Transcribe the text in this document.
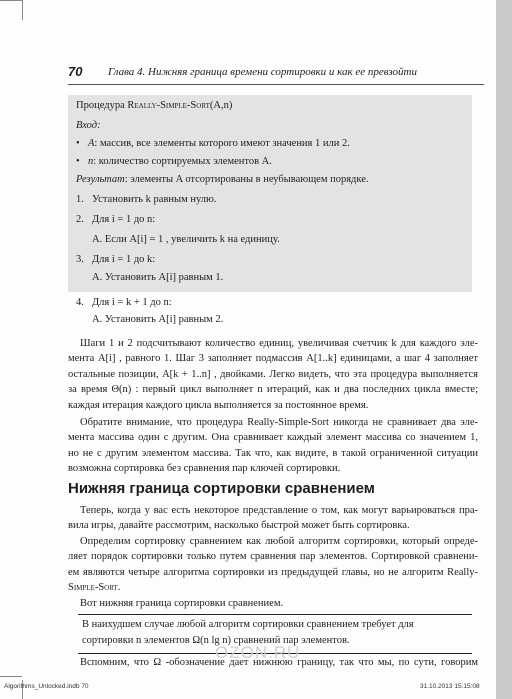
70 Глава 4. Нижняя граница времени сортировки и как ее превзойти
Процедура Really-Simple-Sort(A,n)
Вход:
• A: массив, все элементы которого имеют значения 1 или 2.
• n: количество сортируемых элементов A.
Результат: элементы A отсортированы в неубывающем порядке.
1. Установить k равным нулю.
2. Для i = 1 до n:
A. Если A[i] = 1 , увеличить k на единицу.
3. Для i = 1 до k:
A. Установить A[i] равным 1.
4. Для i = k + 1 до n:
A. Установить A[i] равным 2.
Шаги 1 и 2 подсчитывают количество единиц, увеличивая счетчик k для каждого эле-
мента A[i] , равного 1. Шаг 3 заполняет подмассив A[1..k] единицами, а шаг 4 заполняет
остальные позиции, A[k + 1..n] , двойками. Легко видеть, что эта процедура выполняется
за время Θ(n) : первый цикл выполняет n итераций, как и два последних цикла вместе;
каждая итерация каждого цикла выполняется за постоянное время.
Обратите внимание, что процедура Really-Simple-Sort никогда не сравнивает два эле-
мента массива один с другим. Она сравнивает каждый элемент массива со значением 1,
но не с другим элементом массива. Так что, как видите, в такой ограниченной ситуации
возможна сортировка без сравнения пар ключей сортировки.
Нижняя граница сортировки сравнением
Теперь, когда у вас есть некоторое представление о том, как могут варьироваться пра-
вила игры, давайте рассмотрим, насколько быстрой может быть сортировка.
Определим сортировку сравнением как любой алгоритм сортировки, который опреде-
ляет порядок сортировки только путем сравнения пар элементов. Сортировкой сравнени-
ем являются четыре алгоритма сортировки из предыдущей главы, но не алгоритм Really-
Simple-Sort.
Вот нижняя граница сортировки сравнением.
В наихудшем случае любой алгоритм сортировки сравнением требует для
сортировки n элементов Ω(n lg n) сравнений пар элементов.
OZON.RU
Algorithms_Unlocked.indb 70	31.10.2013 15:15:08
Вспомним, что Ω -обозначение дает нижнюю границу, так что мы, по сути, говорим
